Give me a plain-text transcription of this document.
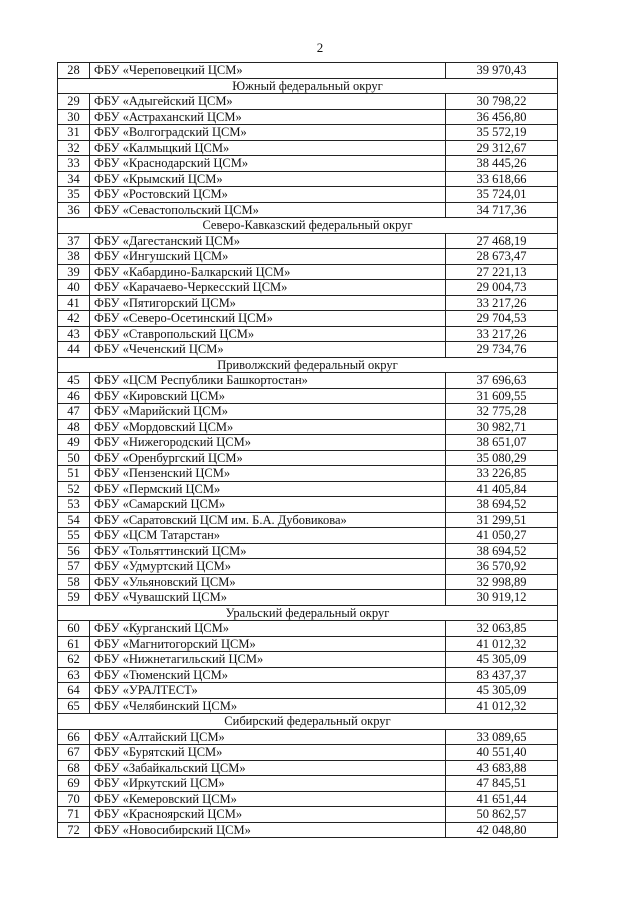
2
28	ФБУ «Череповецкий ЦСМ»	39 970,43
Южный федеральный округ		
29	ФБУ «Адыгейский ЦСМ»	30 798,22
30	ФБУ «Астраханский ЦСМ»	36 456,80
31	ФБУ «Волгоградский ЦСМ»	35 572,19
32	ФБУ «Калмыцкий ЦСМ»	29 312,67
33	ФБУ «Краснодарский ЦСМ»	38 445,26
34	ФБУ «Крымский ЦСМ»	33 618,66
35	ФБУ «Ростовский ЦСМ»	35 724,01
36	ФБУ «Севастопольский ЦСМ»	34 717,36
Северо-Кавказский федеральный округ		
37	ФБУ «Дагестанский ЦСМ»	27 468,19
38	ФБУ «Ингушский ЦСМ»	28 673,47
39	ФБУ «Кабардино-Балкарский ЦСМ»	27 221,13
40	ФБУ «Карачаево-Черкесский ЦСМ»	29 004,73
41	ФБУ «Пятигорский ЦСМ»	33 217,26
42	ФБУ «Северо-Осетинский ЦСМ»	29 704,53
43	ФБУ «Ставропольский ЦСМ»	33 217,26
44	ФБУ «Чеченский ЦСМ»	29 734,76
Приволжский федеральный округ		
45	ФБУ «ЦСМ Республики Башкортостан»	37 696,63
46	ФБУ «Кировский ЦСМ»	31 609,55
47	ФБУ «Марийский ЦСМ»	32 775,28
48	ФБУ «Мордовский ЦСМ»	30 982,71
49	ФБУ «Нижегородский ЦСМ»	38 651,07
50	ФБУ «Оренбургский ЦСМ»	35 080,29
51	ФБУ «Пензенский ЦСМ»	33 226,85
52	ФБУ «Пермский ЦСМ»	41 405,84
53	ФБУ «Самарский ЦСМ»	38 694,52
54	ФБУ «Саратовский ЦСМ им. Б.А. Дубовикова»	31 299,51
55	ФБУ «ЦСМ Татарстан»	41 050,27
56	ФБУ «Тольяттинский ЦСМ»	38 694,52
57	ФБУ «Удмуртский ЦСМ»	36 570,92
58	ФБУ «Ульяновский ЦСМ»	32 998,89
59	ФБУ «Чувашский ЦСМ»	30 919,12
Уральский федеральный округ		
60	ФБУ «Курганский ЦСМ»	32 063,85
61	ФБУ «Магнитогорский ЦСМ»	41 012,32
62	ФБУ «Нижнетагильский ЦСМ»	45 305,09
63	ФБУ «Тюменский ЦСМ»	83 437,37
64	ФБУ «УРАЛТЕСТ»	45 305,09
65	ФБУ «Челябинский ЦСМ»	41 012,32
Сибирский федеральный округ		
66	ФБУ «Алтайский ЦСМ»	33 089,65
67	ФБУ «Бурятский ЦСМ»	40 551,40
68	ФБУ «Забайкальский ЦСМ»	43 683,88
69	ФБУ «Иркутский ЦСМ»	47 845,51
70	ФБУ «Кемеровский ЦСМ»	41 651,44
71	ФБУ «Красноярский ЦСМ»	50 862,57
72	ФБУ «Новосибирский ЦСМ»	42 048,80
